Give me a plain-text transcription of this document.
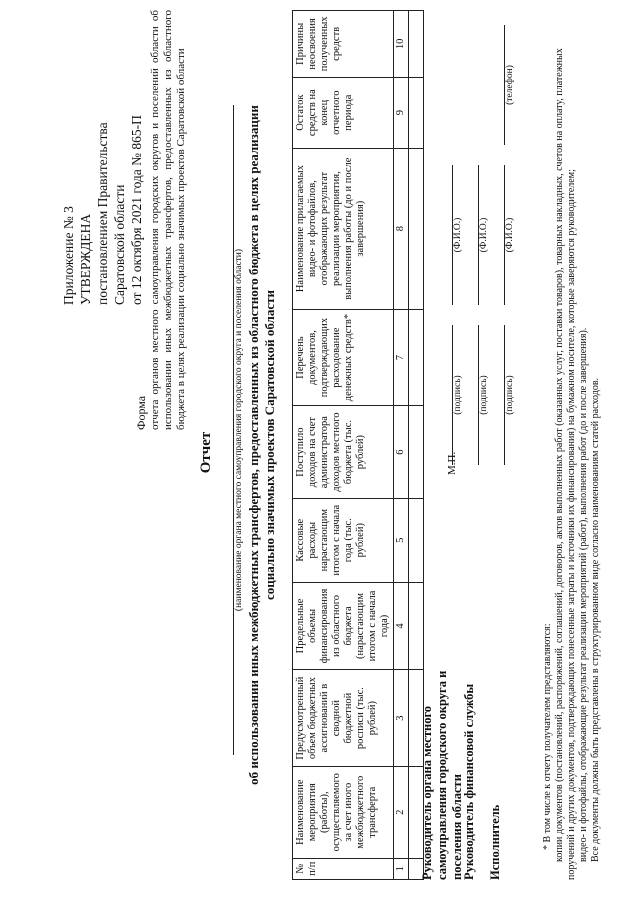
Приложение № 3 УТВЕРЖДЕНА постановлением Правительства Саратовской области от 12 октября 2021 года № 865-П
Форма отчета органов местного самоуправления городских округов и поселений области об использовании иных межбюджетных трансфертов, предоставленных из областного бюджета в целях реализации социально значимых проектов Саратовской области
Отчет (наименование органа местного самоуправления городского округа и поселения области) об использовании иных межбюджетных трансфертов, предоставленных из областного бюджета в целях реализации социально значимых проектов Саратовской области
№ п/п	Наименование мероприятия (работы), осуществляемого за счет иного межбюджетного трансферта	Предусмотренный объем бюджетных ассигнований в сводной бюджетной росписи (тыс. рублей)	Предельные объемы финансирования из областного бюджета (нарастающим итогом с начала года)	Кассовые расходы нарастающим итогом с начала года (тыс. рублей)	Поступило доходов на счет администратора доходов местного бюджета (тыс. рублей)	Перечень документов, подтверждающих расходование денежных средств*	Наименование прилагаемых видео- и фотофайлов, отображающих результат реализации мероприятия, выполнения работы (до и после завершения)	Остаток средств на конец отчетного периода	Причины неосвоения полученных средств
1	2	3	4	5	6	7	8	9	10

Руководитель органа местного самоуправления городского округа и поселения области
(подпись)
(Ф.И.О.)
М.П.
Руководитель финансовой службы
(подпись)
(Ф.И.О.)
Исполнитель
(подпись)
(Ф.И.О.)
(телефон)

* В том числе к отчету получателем представляются: копии документов (постановлений, распоряжений, соглашений, договоров, актов выполненных работ (оказанных услуг, поставки товаров), товарных накладных, счетов на оплату, платежных поручений и других документов, подтверждающих понесенные затраты и источники их финансирования) на бумажном носителе, которые заверяются руководителем; видео- и фотофайлы, отображающие результат реализации мероприятий (работ), выполнения работ (до и после завершения). Все документы должны быть представлены в структурированном виде согласно наименованиям статей расходов.
